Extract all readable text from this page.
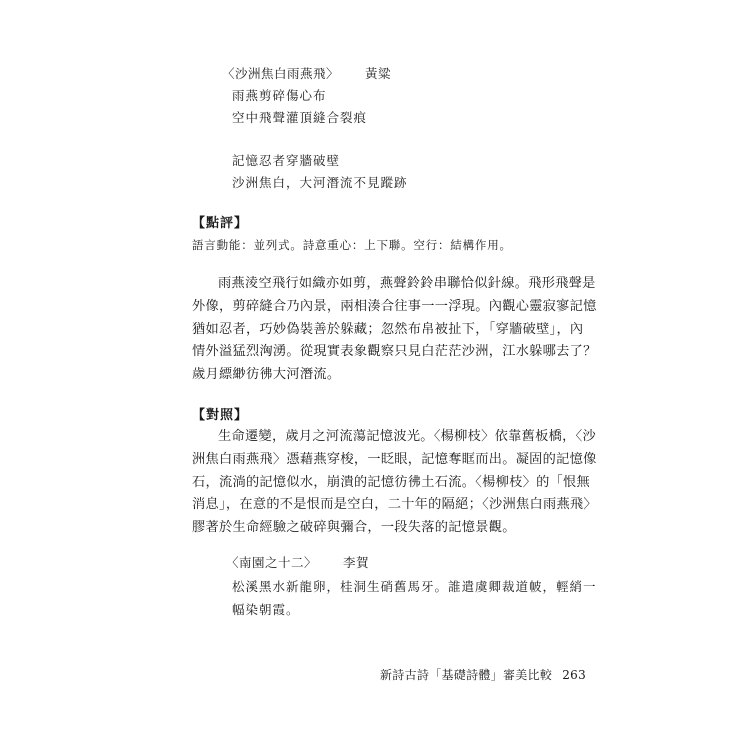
〈沙洲焦白雨燕飛〉 黃粱
雨燕剪碎傷心布
空中飛聲灌頂縫合裂痕
記憶忍者穿牆破壁
沙洲焦白，大河潛流不見蹤跡
【點評】
語言動能：並列式。詩意重心：上下聯。空行：結構作用。
雨燕淩空飛行如織亦如剪，燕聲鈴鈴串聯恰似針線。飛形飛聲是
外像，剪碎縫合乃內景，兩相湊合往事一一浮現。內觀心靈寂寥記憶
猶如忍者，巧妙偽裝善於躲藏；忽然布帛被扯下，「穿牆破壁」，內
情外溢猛烈洶湧。從現實表象觀察只見白茫茫沙洲，江水躲哪去了？
歲月縹緲彷彿大河潛流。
【對照】
生命遷變，歲月之河流蕩記憶波光。〈楊柳枝〉依靠舊板橋，〈沙
洲焦白雨燕飛〉憑藉燕穿梭，一眨眼，記憶奪眶而出。凝固的記憶像
石，流淌的記憶似水，崩潰的記憶彷彿土石流。〈楊柳枝〉的「恨無
消息」，在意的不是恨而是空白，二十年的隔絕；〈沙洲焦白雨燕飛〉
膠著於生命經驗之破碎與彌合，一段失落的記憶景觀。
〈南園之十二〉 李賀
松溪黑水新龍卵，桂洞生硝舊馬牙。誰遣虞卿裁道帔，輕綃一
幅染朝霞。
新詩古詩「基礎詩體」審美比較 263
